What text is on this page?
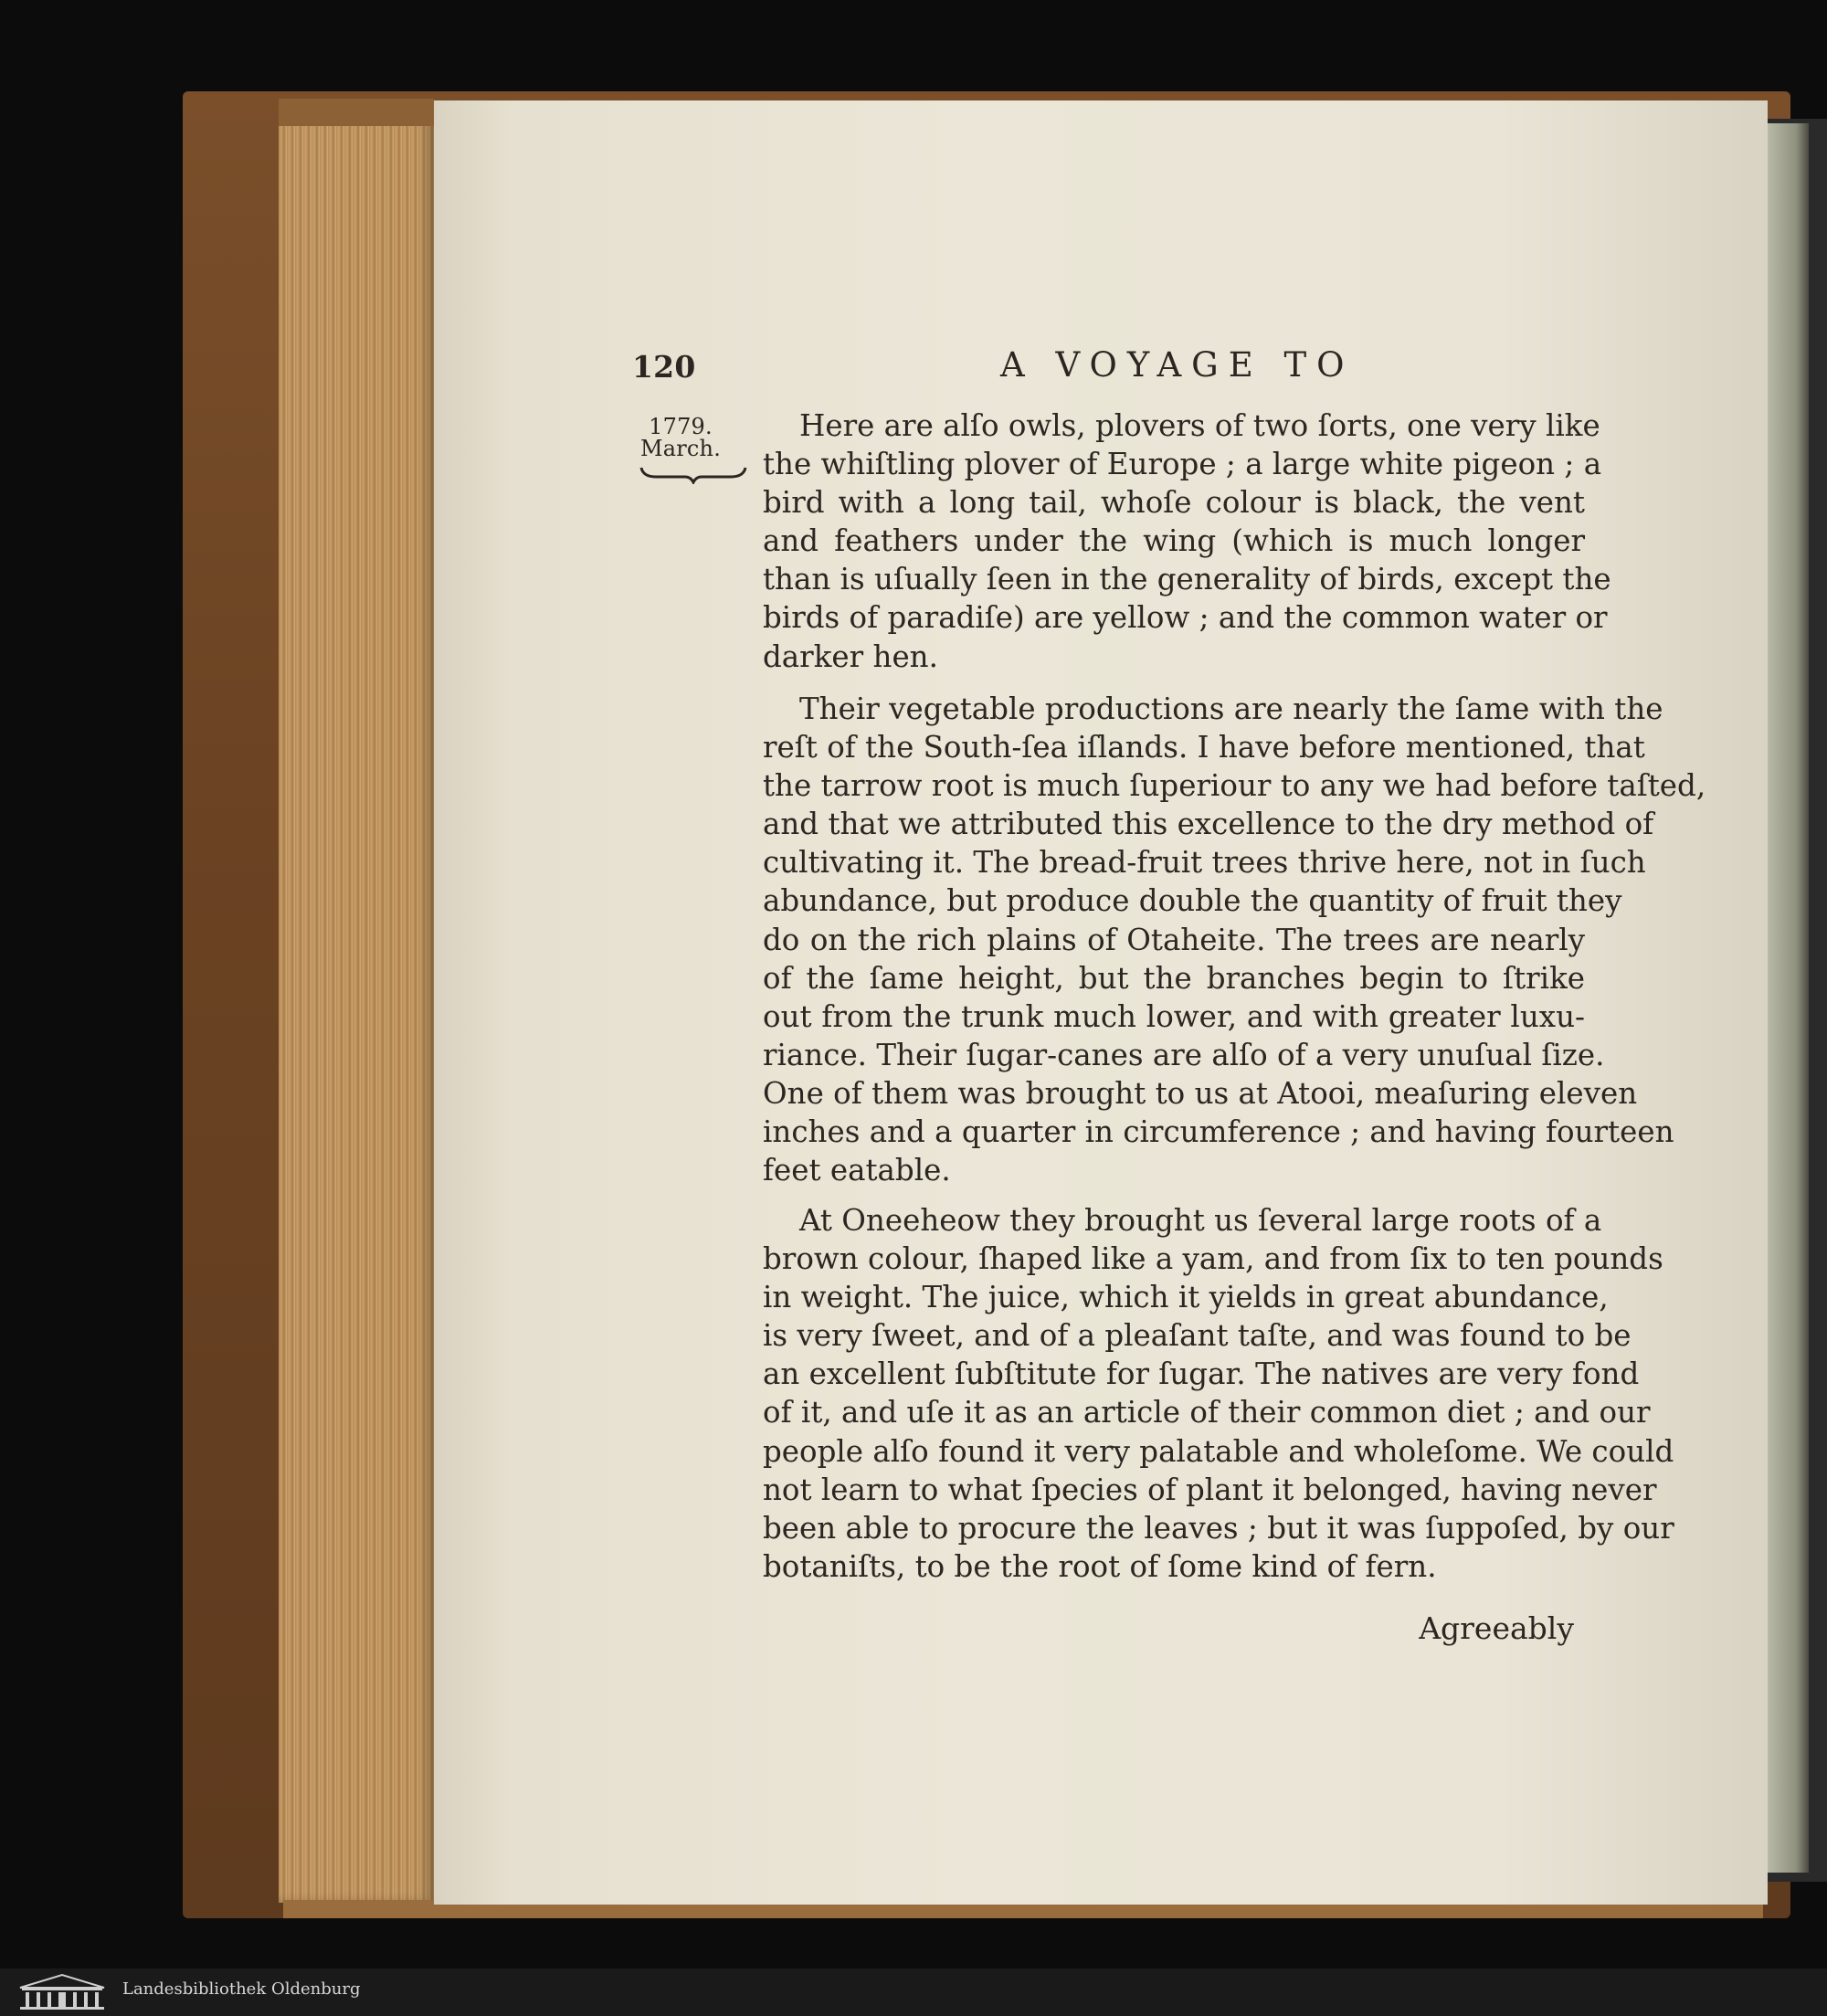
120	A VOYAGE TO
1779.
March.
Here are alſo owls, plovers of two ſorts, one very like
the whiſtling plover of Europe ; a large white pigeon ; a
bird with a long tail, whoſe colour is black, the vent
and feathers under the wing (which is much longer
than is uſually ſeen in the generality of birds, except the
birds of paradiſe) are yellow ; and the common water or
darker hen.
Their vegetable productions are nearly the ſame with the
reſt of the South-ſea iſlands. I have before mentioned, that
the tarrow root is much ſuperiour to any we had before taſted,
and that we attributed this excellence to the dry method of
cultivating it. The bread-fruit trees thrive here, not in ſuch
abundance, but produce double the quantity of fruit they
do on the rich plains of Otaheite. The trees are nearly
of the ſame height, but the branches begin to ſtrike
out from the trunk much lower, and with greater luxu-
riance. Their ſugar-canes are alſo of a very unuſual ſize.
One of them was brought to us at Atooi, meaſuring eleven
inches and a quarter in circumference ; and having fourteen
feet eatable.
At Oneeheow they brought us ſeveral large roots of a
brown colour, ſhaped like a yam, and from ſix to ten pounds
in weight. The juice, which it yields in great abundance,
is very ſweet, and of a pleaſant taſte, and was found to be
an excellent ſubſtitute for ſugar. The natives are very fond
of it, and uſe it as an article of their common diet ; and our
people alſo found it very palatable and wholeſome. We could
not learn to what ſpecies of plant it belonged, having never
been able to procure the leaves ; but it was ſuppoſed, by our
botaniſts, to be the root of ſome kind of fern.
Agreeably
Landesbibliothek Oldenburg
